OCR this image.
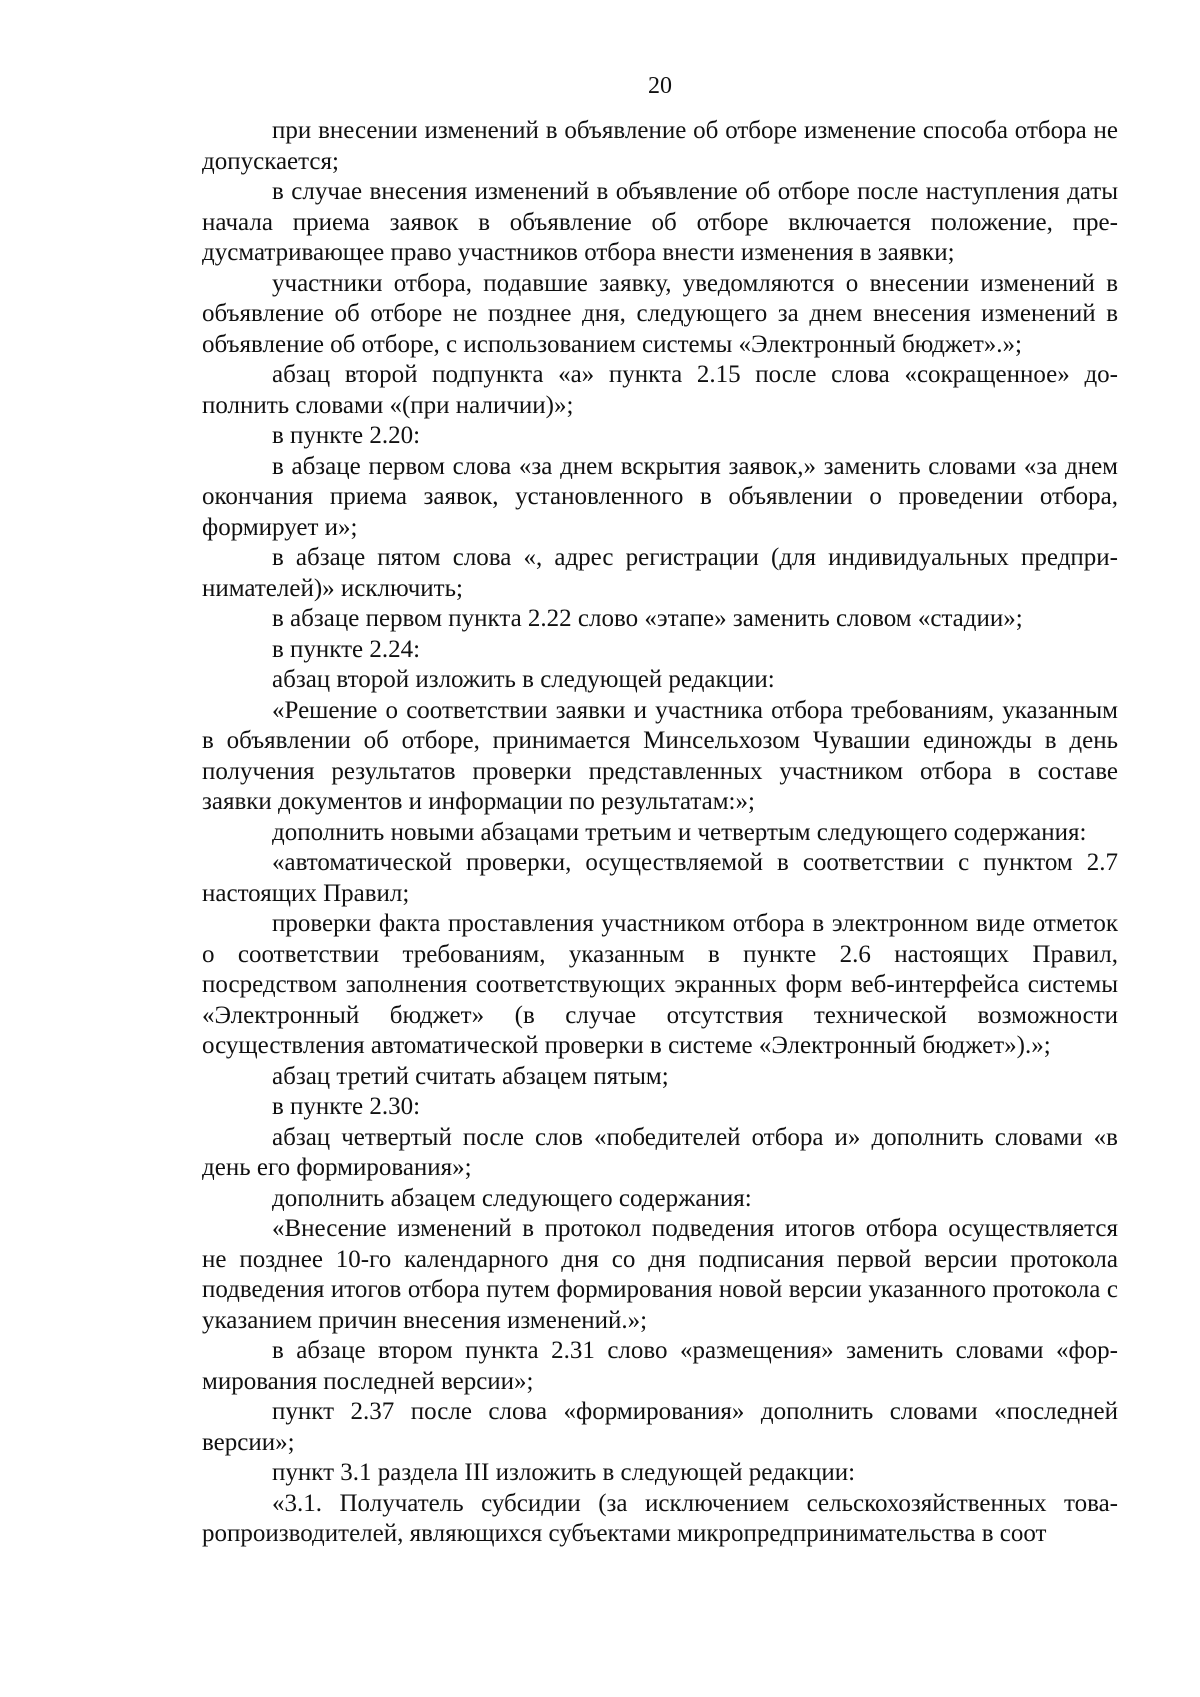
20

при внесении изменений в объявление об отборе изменение способа отбора не допускается;

в случае внесения изменений в объявление об отборе после наступления даты начала приема заявок в объявление об отборе включается положение, предусматривающее право участников отбора внести изменения в заявки;

участники отбора, подавшие заявку, уведомляются о внесении изменений в объявление об отборе не позднее дня, следующего за днем внесения изменений в объявление об отборе, с использованием системы «Электронный бюджет».»;

абзац второй подпункта «а» пункта 2.15 после слова «сокращенное» дополнить словами «(при наличии)»;

в пункте 2.20:

в абзаце первом слова «за днем вскрытия заявок,» заменить словами «за днем окончания приема заявок, установленного в объявлении о проведении отбора, формирует и»;

в абзаце пятом слова «, адрес регистрации (для индивидуальных предпринимателей)» исключить;

в абзаце первом пункта 2.22 слово «этапе» заменить словом «стадии»;

в пункте 2.24:

абзац второй изложить в следующей редакции:

«Решение о соответствии заявки и участника отбора требованиям, указанным в объявлении об отборе, принимается Минсельхозом Чувашии единожды в день получения результатов проверки представленных участником отбора в составе заявки документов и информации по результатам:»;

дополнить новыми абзацами третьим и четвертым следующего содержания:

«автоматической проверки, осуществляемой в соответствии с пунктом 2.7 настоящих Правил;

проверки факта проставления участником отбора в электронном виде отметок о соответствии требованиям, указанным в пункте 2.6 настоящих Правил, посредством заполнения соответствующих экранных форм веб-интерфейса системы «Электронный бюджет» (в случае отсутствия технической возможности осуществления автоматической проверки в системе «Электронный бюджет»).»;

абзац третий считать абзацем пятым;

в пункте 2.30:

абзац четвертый после слов «победителей отбора и» дополнить словами «в день его формирования»;

дополнить абзацем следующего содержания:

«Внесение изменений в протокол подведения итогов отбора осуществляется не позднее 10-го календарного дня со дня подписания первой версии протокола подведения итогов отбора путем формирования новой версии указанного протокола с указанием причин внесения изменений.»;

в абзаце втором пункта 2.31 слово «размещения» заменить словами «формирования последней версии»;

пункт 2.37 после слова «формирования» дополнить словами «последней версии»;

пункт 3.1 раздела III изложить в следующей редакции:

«3.1. Получатель субсидии (за исключением сельскохозяйственных товаропроизводителей, являющихся субъектами микропредпринимательства в соот
